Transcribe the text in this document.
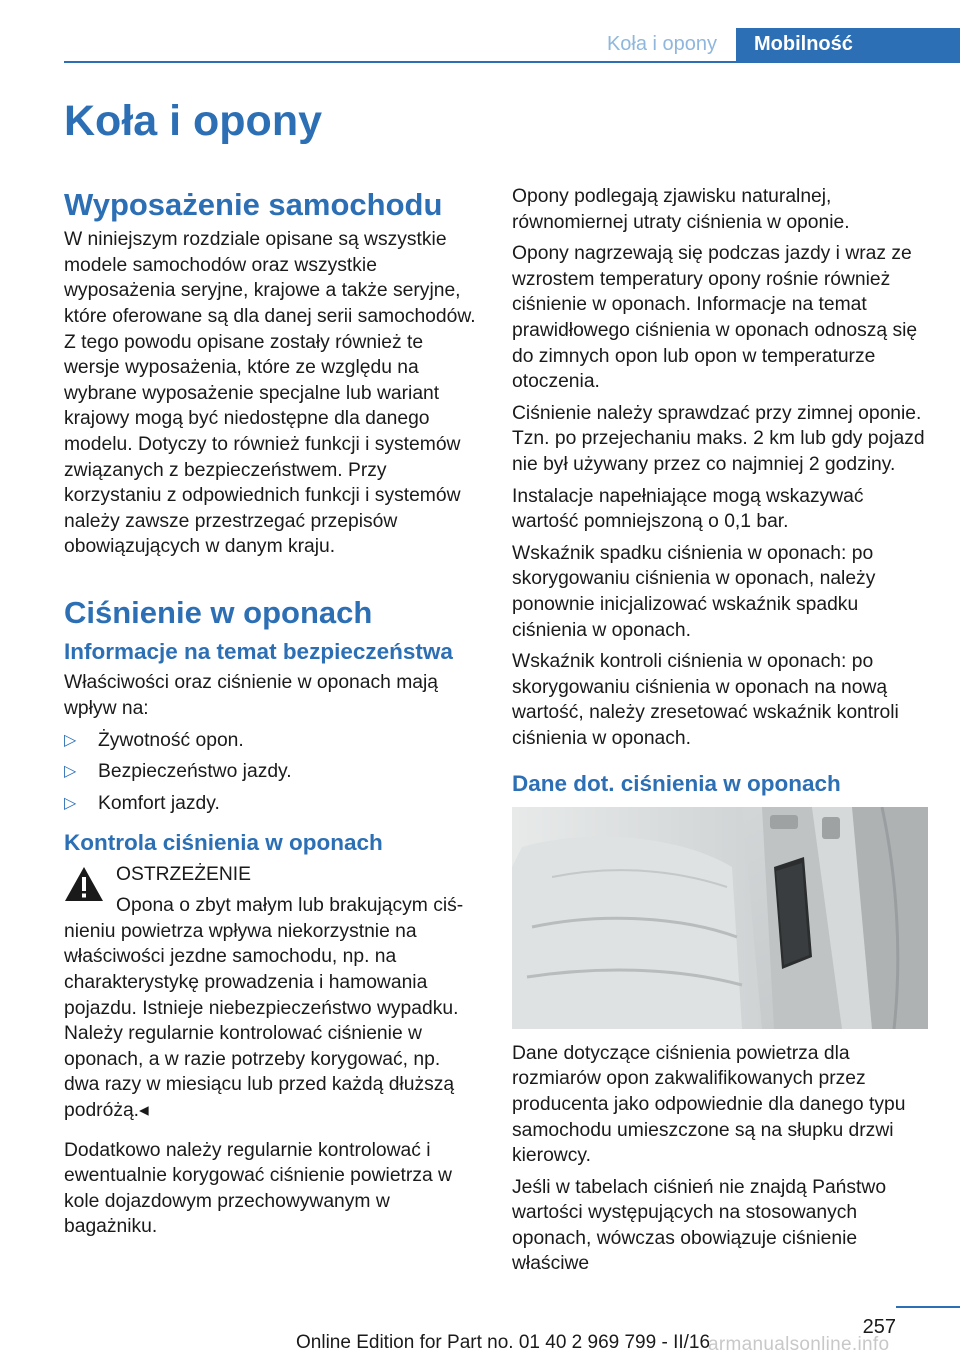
Koła i opony	Mobilność
Koła i opony
Wyposażenie samochodu

W niniejszym rozdziale opisane są wszystkie modele samochodów oraz wszystkie wyposażenia seryjne, krajowe a także seryjne, które oferowane są dla danej serii samochodów. Z tego powodu opisane zostały również te wersje wyposażenia, które ze względu na wybrane wyposażenie specjalne lub wariant krajowy mogą być niedostępne dla danego modelu. Dotyczy to również funkcji i systemów związanych z bezpieczeństwem. Przy korzystaniu z odpowiednich funkcji i systemów należy zawsze przestrzegać przepisów obowiązujących w danym kraju.

Ciśnienie w oponach
Informacje na temat bezpieczeństwa

Właściwości oraz ciśnienie w oponach mają wpływ na:

▷ Żywotność opon.
▷ Bezpieczeństwo jazdy.
▷ Komfort jazdy.
Kontrola ciśnienia w oponach

OSTRZEŻENIE

Opona o zbyt małym lub brakującym ciś-

nieniu powietrza wpływa niekorzystnie na właściwości jezdne samochodu, np. na charakterystykę prowadzenia i hamowania pojazdu. Istnieje niebezpieczeństwo wypadku. Należy regularnie kontrolować ciśnienie w oponach, a w razie potrzeby korygować, np. dwa razy w miesiącu lub przed każdą dłuższą podróżą.◂

Dodatkowo należy regularnie kontrolować i ewentualnie korygować ciśnienie powietrza w kole dojazdowym przechowywanym w bagażniku.

Opony podlegają zjawisku naturalnej, równomiernej utraty ciśnienia w oponie.

Opony nagrzewają się podczas jazdy i wraz ze wzrostem temperatury opony rośnie również ciśnienie w oponach. Informacje na temat prawidłowego ciśnienia w oponach odnoszą się do zimnych opon lub opon w temperaturze otoczenia.

Ciśnienie należy sprawdzać przy zimnej oponie. Tzn. po przejechaniu maks. 2 km lub gdy pojazd nie był używany przez co najmniej 2 godziny.

Instalacje napełniające mogą wskazywać wartość pomniejszoną o 0,1 bar.

Wskaźnik spadku ciśnienia w oponach: po skorygowaniu ciśnienia w oponach, należy ponownie inicjalizować wskaźnik spadku ciśnienia w oponach.

Wskaźnik kontroli ciśnienia w oponach: po skorygowaniu ciśnienia w oponach na nową wartość, należy zresetować wskaźnik kontroli ciśnienia w oponach.

Dane dot. ciśnienia w oponach

Dane dotyczące ciśnienia powietrza dla rozmiarów opon zakwalifikowanych przez producenta jako odpowiednie dla danego typu samochodu umieszczone są na słupku drzwi kierowcy.

Jeśli w tabelach ciśnień nie znajdą Państwo wartości występujących na stosowanych oponach, wówczas obowiązuje ciśnienie właściwe

257
Online Edition for Part no. 01 40 2 969 799 - II/16
armanualsonline.info
